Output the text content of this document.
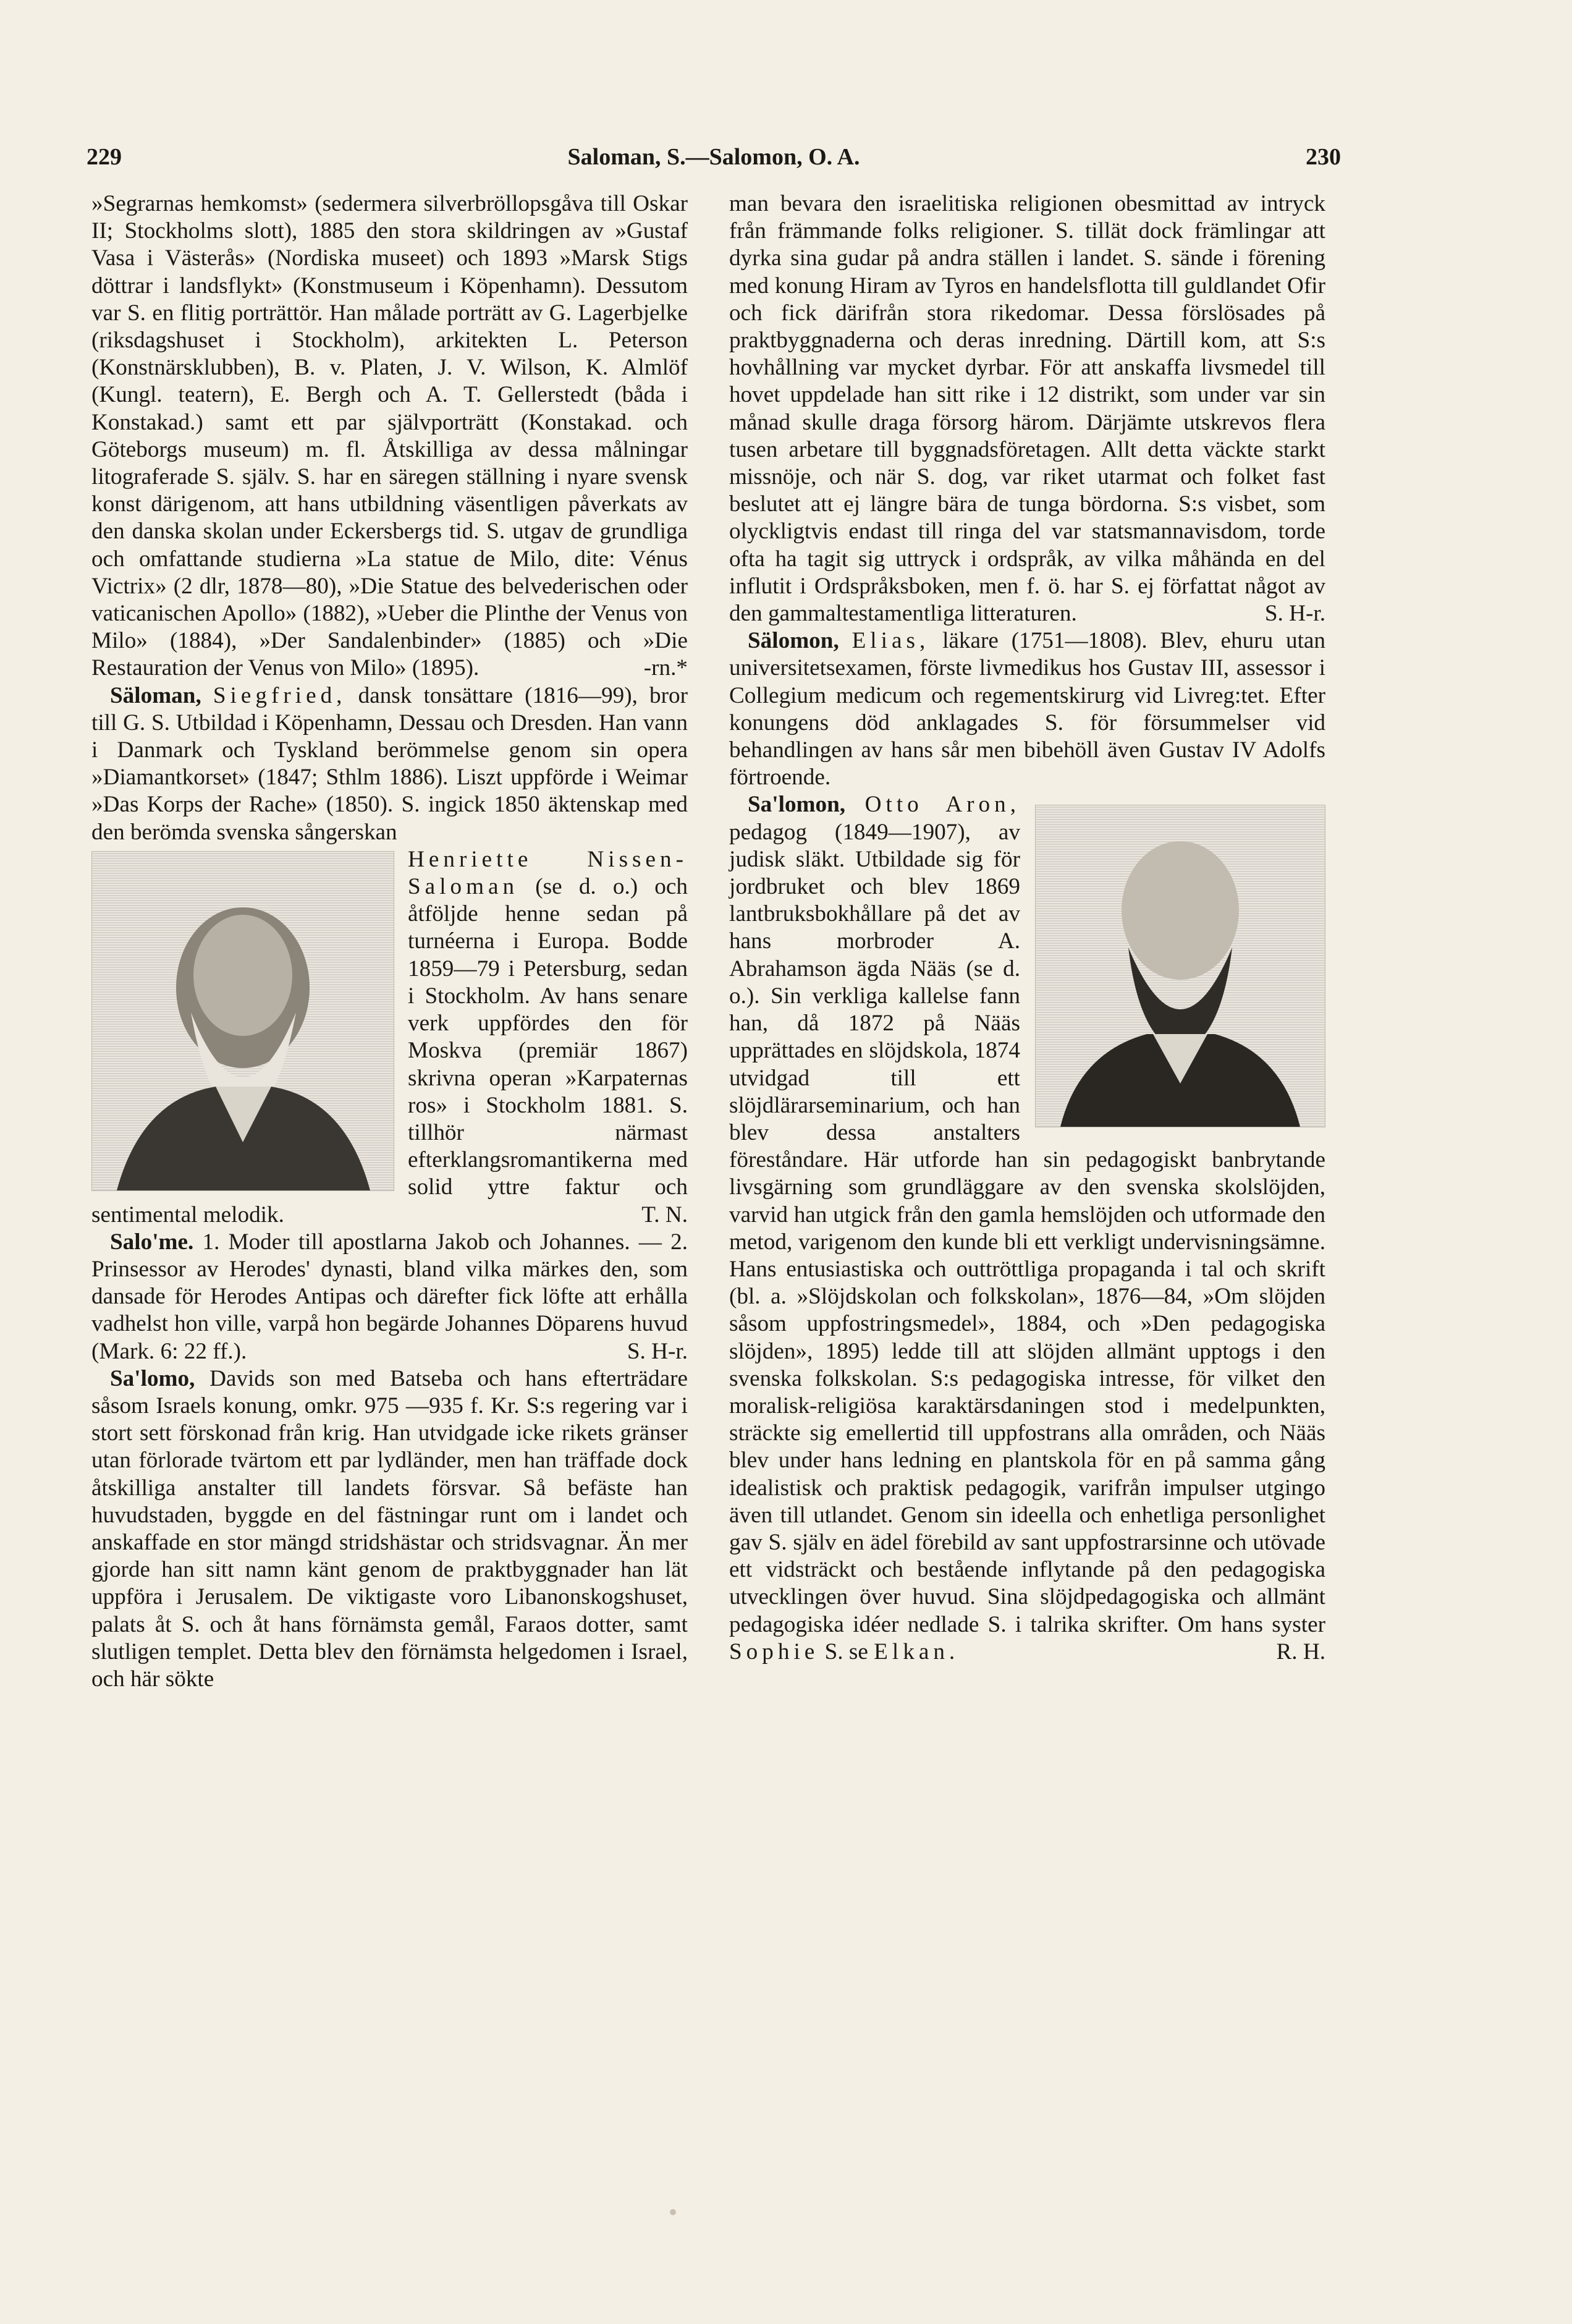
229	Saloman, S.—Salomon, O. A.	230

»Segrarnas hemkomst» (sedermera silverbröllopsgåva till Oskar II; Stockholms slott), 1885 den stora skildringen av »Gustaf Vasa i Västerås» (Nordiska museet) och 1893 »Marsk Stigs döttrar i landsflykt» (Konstmuseum i Köpenhamn). Dessutom var S. en flitig porträttör. Han målade porträtt av G. Lagerbjelke (riksdagshuset i Stockholm), arkitekten L. Peterson (Konstnärsklubben), B. v. Platen, J. V. Wilson, K. Almlöf (Kungl. teatern), E. Bergh och A. T. Gellerstedt (båda i Konstakad.) samt ett par självporträtt (Konstakad. och Göteborgs museum) m. fl. Åtskilliga av dessa målningar litograferade S. själv. S. har en säregen ställning i nyare svensk konst därigenom, att hans utbildning väsentligen påverkats av den danska skolan under Eckersbergs tid. S. utgav de grundliga och omfattande studierna »La statue de Milo, dite: Vénus Victrix» (2 dlr, 1878—80), »Die Statue des belvederischen oder vaticanischen Apollo» (1882), »Ueber die Plinthe der Venus von Milo» (1884), »Der Sandalenbinder» (1885) och »Die Restauration der Venus von Milo» (1895).	-rn.*

Säloman, Siegfried, dansk tonsättare (1816—99), bror till G. S. Utbildad i Köpenhamn, Dessau och Dresden. Han vann i Danmark och Tyskland berömmelse genom sin opera »Diamantkorset» (1847; Sthlm 1886). Liszt uppförde i Weimar »Das Korps der Rache» (1850). S. ingick 1850 äktenskap med den berömda svenska sångerskan

Henriette Nissen-Saloman (se d. o.) och åtföljde henne sedan på turnéerna i Europa. Bodde 1859—79 i Petersburg, sedan i Stockholm. Av hans senare verk uppfördes den för Moskva (premiär 1867) skrivna operan »Karpaternas ros» i Stockholm 1881. S. tillhör närmast efterklangsromantikerna med solid yttre faktur och sentimental melodik.	T. N.

Salo'me. 1. Moder till apostlarna Jakob och Johannes. — 2. Prinsessor av Herodes' dynasti, bland vilka märkes den, som dansade för Herodes Antipas och därefter fick löfte att erhålla vadhelst hon ville, varpå hon begärde Johannes Döparens huvud (Mark. 6: 22 ff.).	S. H-r.

Sa'lomo, Davids son med Batseba och hans efterträdare såsom Israels konung, omkr. 975 —935 f. Kr. S:s regering var i stort sett förskonad från krig. Han utvidgade icke rikets gränser utan förlorade tvärtom ett par lydländer, men han träffade dock åtskilliga anstalter till landets försvar. Så befäste han huvudstaden, byggde en del fästningar runt om i landet och anskaffade en stor mängd stridshästar och stridsvagnar. Än mer gjorde han sitt namn känt genom de praktbyggnader han lät uppföra i Jerusalem. De viktigaste voro Libanonskogshuset, palats åt S. och åt hans förnämsta gemål, Faraos dotter, samt slutligen templet. Detta blev den förnämsta helgedomen i Israel, och här sökte

man bevara den israelitiska religionen obesmittad av intryck från främmande folks religioner. S. tillät dock främlingar att dyrka sina gudar på andra ställen i landet. S. sände i förening med konung Hiram av Tyros en handelsflotta till guldlandet Ofir och fick därifrån stora rikedomar. Dessa förslösades på praktbyggnaderna och deras inredning. Därtill kom, att S:s hovhållning var mycket dyrbar. För att anskaffa livsmedel till hovet uppdelade han sitt rike i 12 distrikt, som under var sin månad skulle draga försorg härom. Därjämte utskrevos flera tusen arbetare till byggnadsföretagen. Allt detta väckte starkt missnöje, och när S. dog, var riket utarmat och folket fast beslutet att ej längre bära de tunga bördorna. S:s visbet, som olyckligtvis endast till ringa del var statsmannavisdom, torde ofta ha tagit sig uttryck i ordspråk, av vilka måhända en del influtit i Ordspråksboken, men f. ö. har S. ej författat något av den gammaltestamentliga litteraturen.	S. H-r.

Sälomon, Elias, läkare (1751—1808). Blev, ehuru utan universitetsexamen, förste livmedikus hos Gustav III, assessor i Collegium medicum och regementskirurg vid Livreg:tet. Efter konungens död anklagades S. för försummelser vid behandlingen av hans sår men bibehöll även Gustav IV Adolfs förtroende.

Sa'lomon, Otto Aron, pedagog (1849—1907), av judisk släkt. Utbildade sig för jordbruket och blev 1869 lantbruksbokhållare på det av hans morbroder A. Abrahamson ägda Nääs (se d. o.). Sin verkliga kallelse fann han, då 1872 på Nääs upprättades en slöjdskola, 1874 utvidgad till ett slöjdlärarseminarium, och han blev dessa anstalters föreståndare. Här utforde han sin pedagogiskt banbrytande livsgärning som grundläggare av den svenska skolslöjden, varvid han utgick från den gamla hemslöjden och utformade den metod, varigenom den kunde bli ett verkligt undervisningsämne. Hans entusiastiska och outtröttliga propaganda i tal och skrift (bl. a. »Slöjdskolan och folkskolan», 1876—84, »Om slöjden såsom uppfostringsmedel», 1884, och »Den pedagogiska slöjden», 1895) ledde till att slöjden allmänt upptogs i den svenska folkskolan. S:s pedagogiska intresse, för vilket den moralisk-religiösa karaktärsdaningen stod i medelpunkten, sträckte sig emellertid till uppfostrans alla områden, och Nääs blev under hans ledning en plantskola för en på samma gång idealistisk och praktisk pedagogik, varifrån impulser utgingo även till utlandet. Genom sin ideella och enhetliga personlighet gav S. själv en ädel förebild av sant uppfostrarsinne och utövade ett vidsträckt och bestående inflytande på den pedagogiska utvecklingen över huvud. Sina slöjdpedagogiska och allmänt pedagogiska idéer nedlade S. i talrika skrifter. Om hans syster Sophie S. se Elkan.	R. H.
